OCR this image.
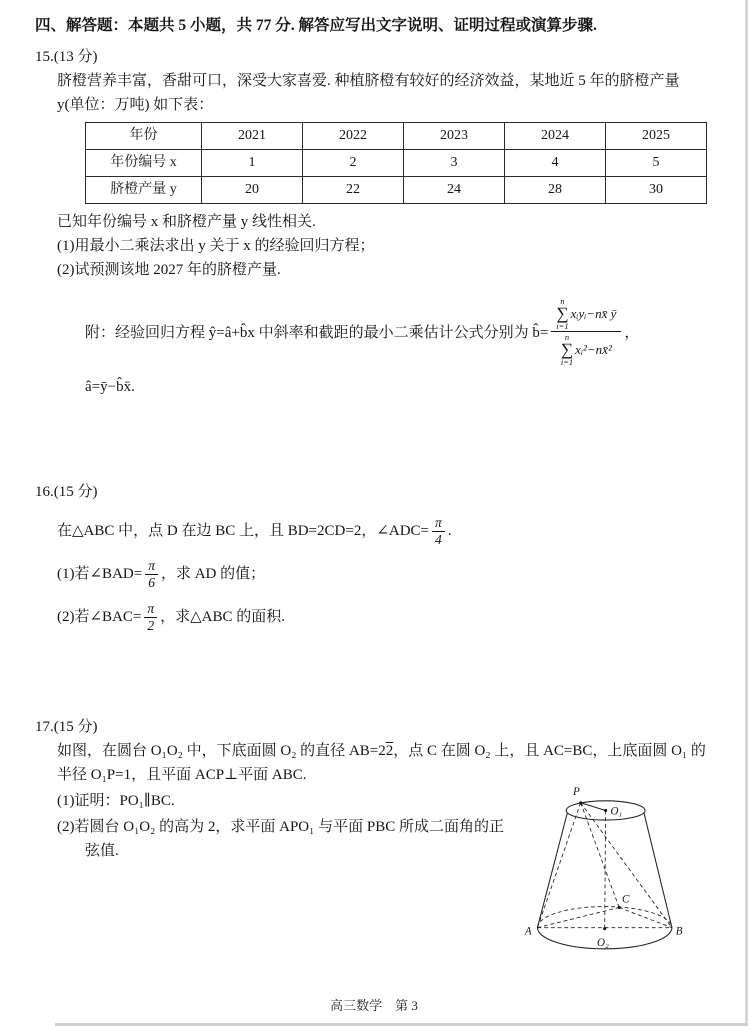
四、解答题：本题共 5 小题，共 77 分. 解答应写出文字说明、证明过程或演算步骤.
15.(13 分)

脐橙营养丰富，香甜可口，深受大家喜爱. 种植脐橙有较好的经济效益，某地近 5 年的脐橙产量 y(单位：万吨) 如下表：

年份	2021	2022	2023	2024	2025
年份编号 x	1	2	3	4	5
脐橙产量 y	20	22	24	28	30

已知年份编号 x 和脐橙产量 y 线性相关.

(1)用最小二乘法求出 y 关于 x 的经验回归方程；

(2)试预测该地 2027 年的脐橙产量.

附：经验回归方程 ŷ=â+b̂x 中斜率和截距的最小二乘估计公式分别为 b̂=
n
∑
i=1
xᵢyᵢ−nx̄ ȳ
n
∑
i=1
xᵢ²−nx̄²
，
â=ȳ−b̂x̄.
16.(15 分)
在△ABC 中，点 D 在边 BC 上，且 BD=2CD=2，∠ADC= $\frac{\pi}{4}$ .
(1)若∠BAD= $\frac{\pi}{6}$ ，求 AD 的值；
(2)若∠BAC= $\frac{\pi}{2}$ ，求△ABC 的面积.
17.(15 分)

如图，在圆台 O₁O₂ 中，下底面圆 O₂ 的直径 AB=22，点 C 在圆 O₂ 上，且 AC=BC，上底面圆 O₁ 的半径 O₁P=1，且平面 ACP⊥平面 ABC.

(1)证明：PO₁∥BC.

(2)若圆台 O₁O₂ 的高为 2，求平面 APO₁ 与平面 PBC 所成二面角的正弦值.

P
O₁
C
A	B
O₂
高三数学　第 3
